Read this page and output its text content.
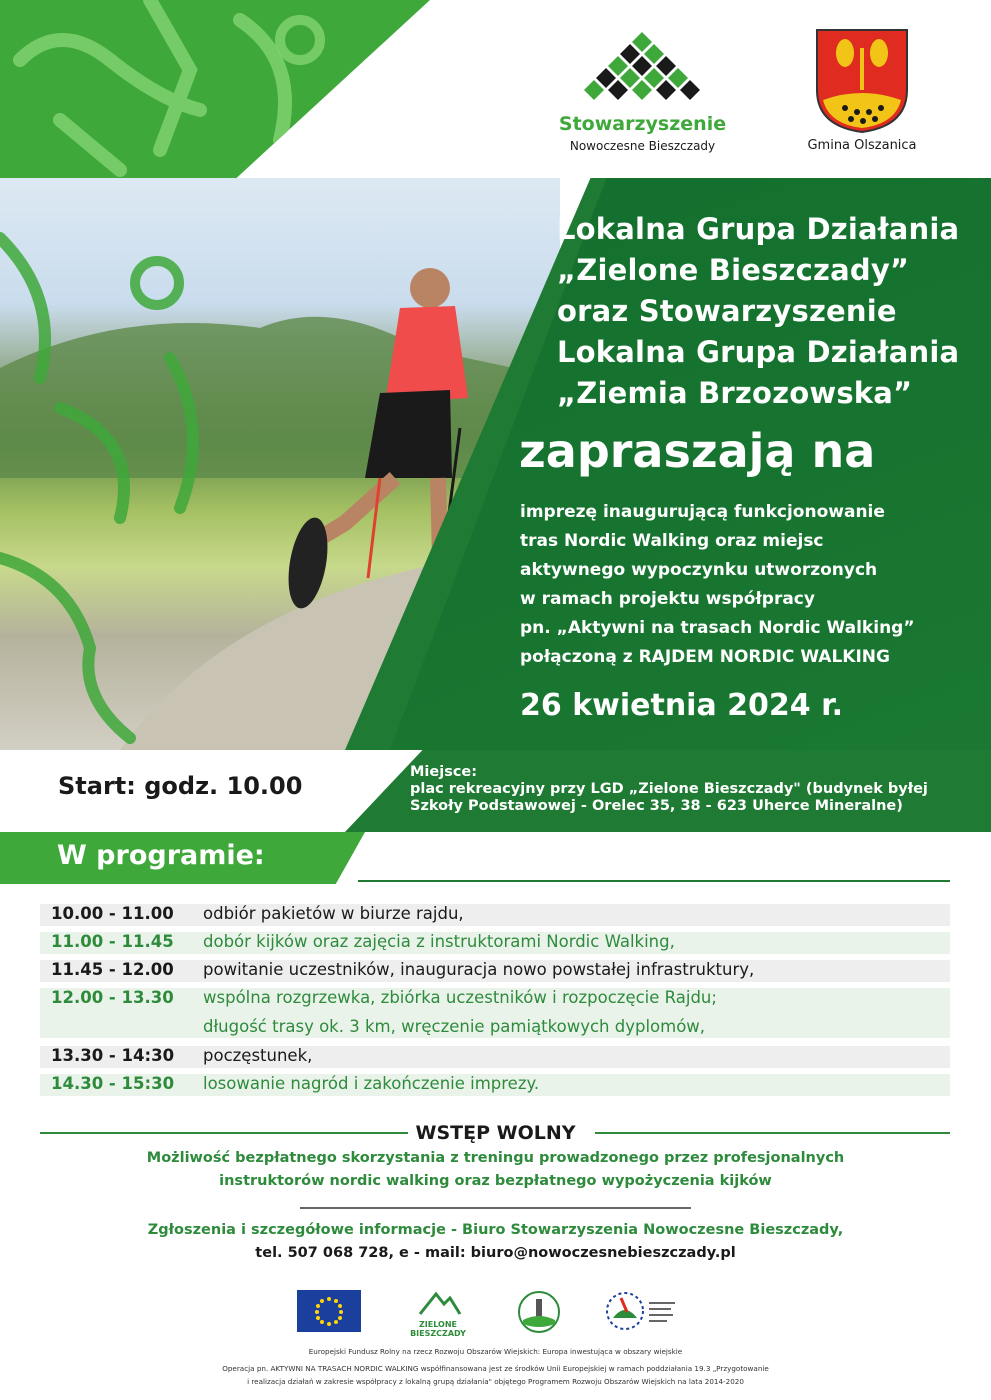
Stowarzyszenie
Nowoczesne Bieszczady	Gmina Olszanica
Lokalna Grupa Działania
„Zielone Bieszczady”
oraz Stowarzyszenie
Lokalna Grupa Działania
„Ziemia Brzozowska”
zapraszają na
imprezę inaugurującą funkcjonowanie
tras Nordic Walking oraz miejsc
aktywnego wypoczynku utworzonych
w ramach projektu współpracy
pn. „Aktywni na trasach Nordic Walking”
połączoną z RAJDEM NORDIC WALKING
26 kwietnia 2024 r.
Start: godz. 10.00	Miejsce:
plac rekreacyjny przy LGD „Zielone Bieszczady" (budynek byłej
Szkoły Podstawowej - Orelec 35, 38 - 623 Uherce Mineralne)
W programie:
10.00 - 11.00 odbiór pakietów w biurze rajdu,
11.00 - 11.45 dobór kijków oraz zajęcia z instruktorami Nordic Walking,
11.45 - 12.00 powitanie uczestników, inauguracja nowo powstałej infrastruktury,
12.00 - 13.30 wspólna rozgrzewka, zbiórka uczestników i rozpoczęcie Rajdu;
długość trasy ok. 3 km, wręczenie pamiątkowych dyplomów,
13.30 - 14:30 poczęstunek,
14.30 - 15:30 losowanie nagród i zakończenie imprezy.
WSTĘP WOLNY
Możliwość bezpłatnego skorzystania z treningu prowadzonego przez profesjonalnych
instruktorów nordic walking oraz bezpłatnego wypożyczenia kijków
Zgłoszenia i szczegółowe informacje - Biuro Stowarzyszenia Nowoczesne Bieszczady,
tel. 507 068 728, e - mail: biuro@nowoczesnebieszczady.pl
ZIELONE BIESZCZADY
Europejski Fundusz Rolny na rzecz Rozwoju Obszarów Wiejskich: Europa inwestująca w obszary wiejskie
Operacja pn. AKTYWNI NA TRASACH NORDIC WALKING współfinansowana jest ze środków Unii Europejskiej w ramach poddziałania 19.3 „Przygotowanie
i realizacja działań w zakresie współpracy z lokalną grupą działania" objętego Programem Rozwoju Obszarów Wiejskich na lata 2014-2020
